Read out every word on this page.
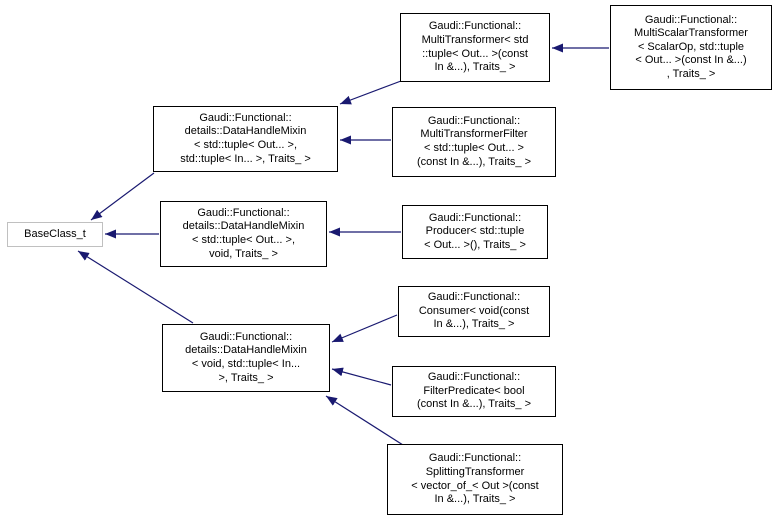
BaseClass_t
Gaudi::Functional::
details::DataHandleMixin
< std::tuple< Out... >,
std::tuple< In... >, Traits_ >
Gaudi::Functional::
details::DataHandleMixin
< std::tuple< Out... >,
void, Traits_ >
Gaudi::Functional::
details::DataHandleMixin
< void, std::tuple< In...
>, Traits_ >
Gaudi::Functional::
MultiTransformer< std
::tuple< Out... >(const
In &...), Traits_ >
Gaudi::Functional::
MultiScalarTransformer
< ScalarOp, std::tuple
< Out... >(const In &...)
, Traits_ >
Gaudi::Functional::
MultiTransformerFilter
< std::tuple< Out... >
(const In &...), Traits_ >
Gaudi::Functional::
Producer< std::tuple
< Out... >(), Traits_ >
Gaudi::Functional::
Consumer< void(const
In &...), Traits_ >
Gaudi::Functional::
FilterPredicate< bool
(const In &...), Traits_ >
Gaudi::Functional::
SplittingTransformer
< vector_of_< Out >(const
In &...), Traits_ >
